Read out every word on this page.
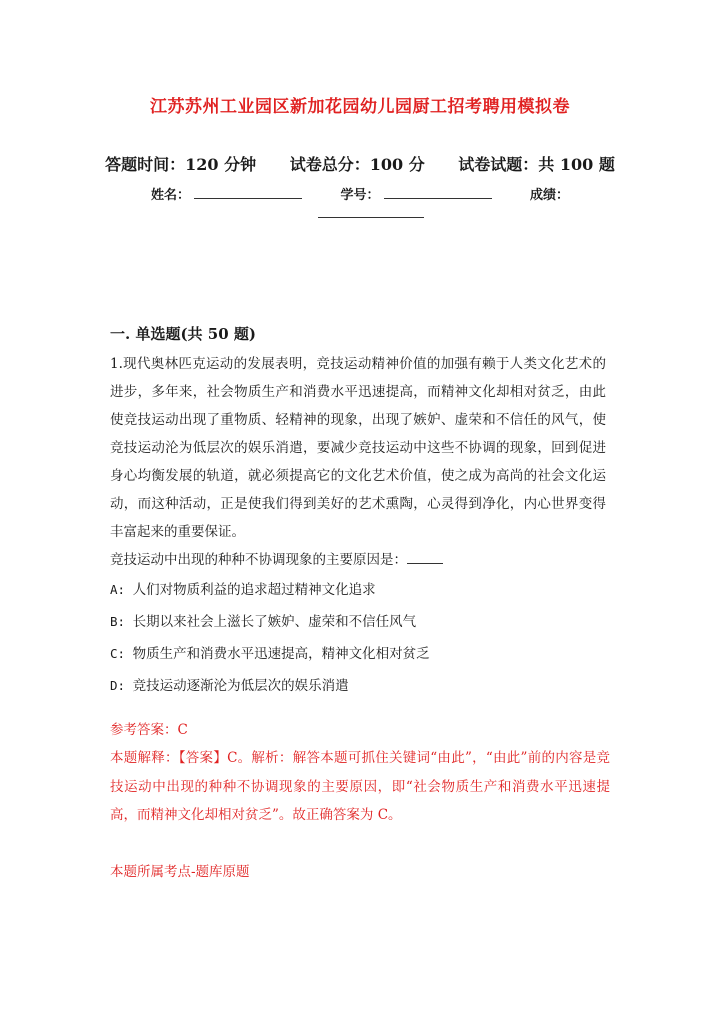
江苏苏州工业园区新加花园幼儿园厨工招考聘用模拟卷
答题时间：120 分钟 试卷总分：100 分 试卷试题：共 100 题
姓名：	学号：	成绩：
一. 单选题(共 50 题)

1.现代奥林匹克运动的发展表明，竞技运动精神价值的加强有赖于人类文化艺术的进步，多年来，社会物质生产和消费水平迅速提高，而精神文化却相对贫乏，由此使竞技运动出现了重物质、轻精神的现象，出现了嫉妒、虚荣和不信任的风气，使竞技运动沦为低层次的娱乐消遣，要减少竞技运动中这些不协调的现象，回到促进身心均衡发展的轨道，就必须提高它的文化艺术价值，使之成为高尚的社会文化运动，而这种活动，正是使我们得到美好的艺术熏陶，心灵得到净化，内心世界变得丰富起来的重要保证。

竞技运动中出现的种种不协调现象的主要原因是：
A: 人们对物质利益的追求超过精神文化追求
B: 长期以来社会上滋长了嫉妒、虚荣和不信任风气
C: 物质生产和消费水平迅速提高，精神文化相对贫乏
D: 竞技运动逐渐沦为低层次的娱乐消遣
参考答案：C
本题解释：【答案】C。解析：解答本题可抓住关键词“由此”，“由此”前的内容是竞技运动中出现的种种不协调现象的主要原因，即“社会物质生产和消费水平迅速提高，而精神文化却相对贫乏”。故正确答案为 C。
本题所属考点-题库原题
